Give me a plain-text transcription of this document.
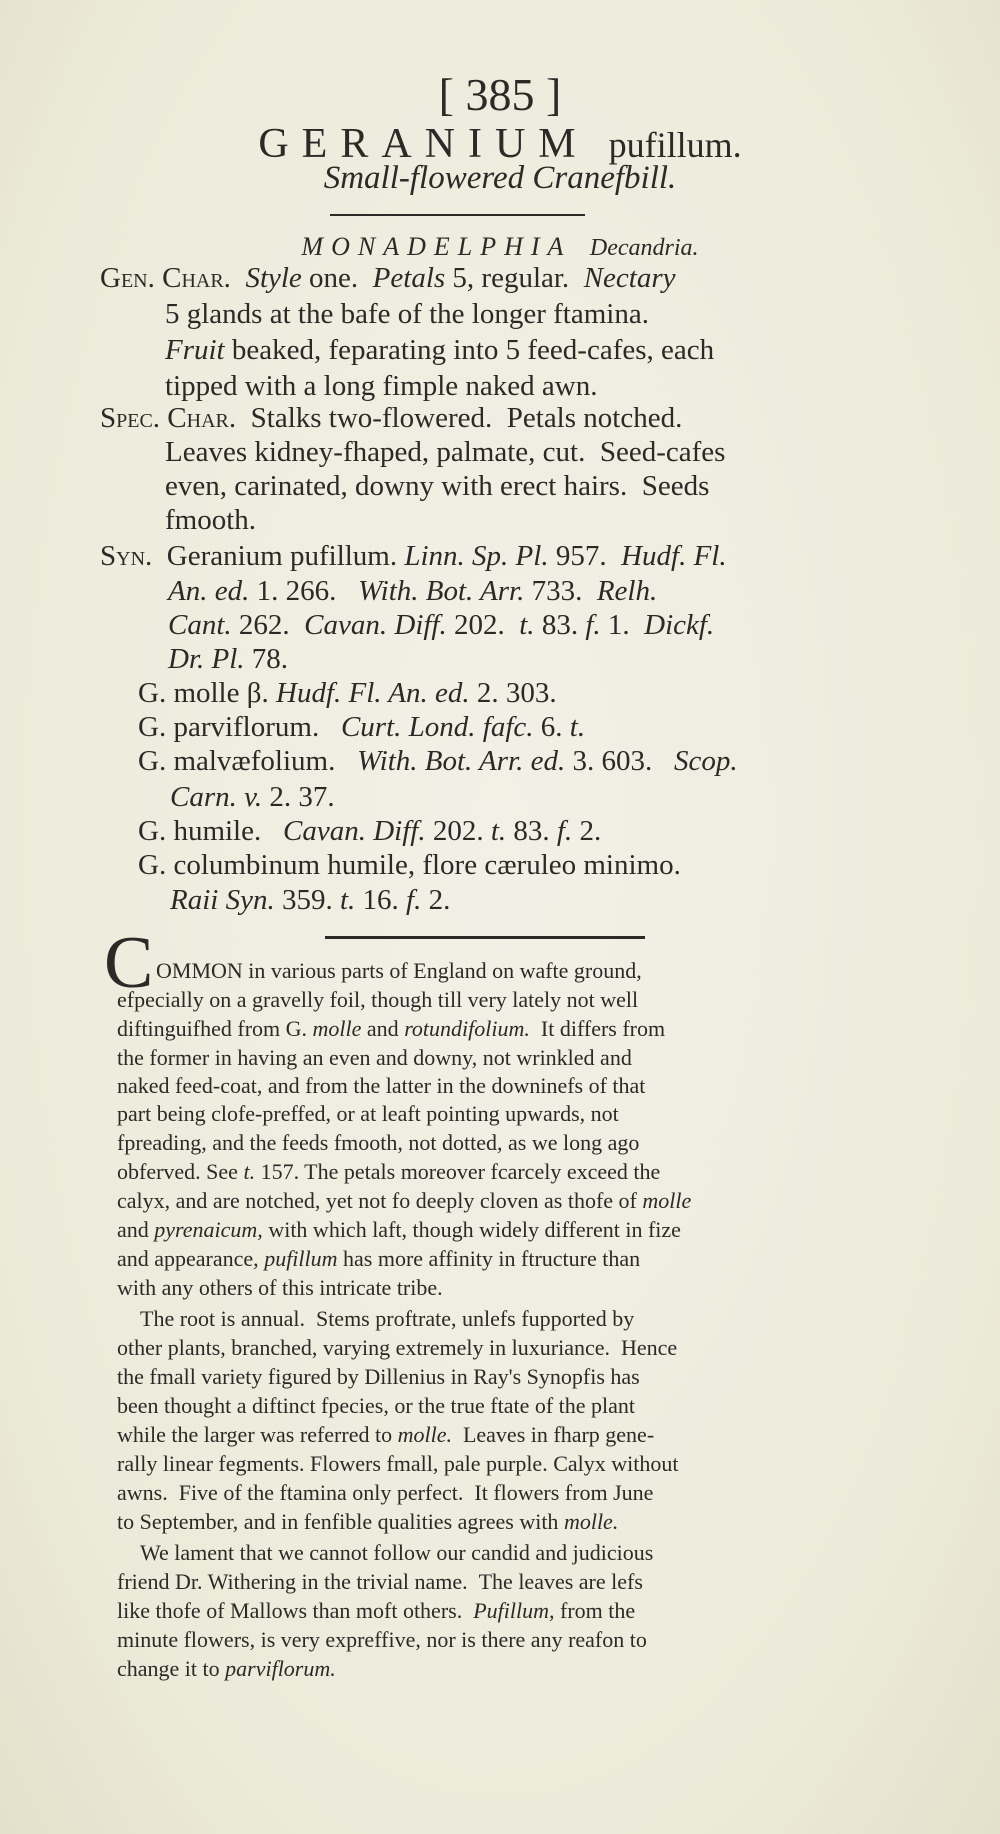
[ 385 ]
GERANIUM pufillum.
Small-flowered Cranefbill.
MONADELPHIA Decandria.
Gen. Char. Style one.  Petals 5, regular.  Nectary
5 glands at the bafe of the longer ftamina.
Fruit beaked, feparating into 5 feed-cafes, each
tipped with a long fimple naked awn.
Spec. Char.  Stalks two-flowered.  Petals notched.
Leaves kidney-fhaped, palmate, cut.  Seed-cafes
even, carinated, downy with erect hairs.  Seeds
fmooth.
Syn.  Geranium pufillum. Linn. Sp. Pl. 957.  Hudf. Fl.
An. ed. 1. 266.   With. Bot. Arr. 733.  Relh.
Cant. 262.  Cavan. Diff. 202.  t. 83. f. 1.  Dickf.
Dr. Pl. 78.
G. molle β. Hudf. Fl. An. ed. 2. 303.
G. parviflorum.   Curt. Lond. fafc. 6. t.
G. malvæfolium.   With. Bot. Arr. ed. 3. 603.   Scop.
Carn. v. 2. 37.
G. humile.   Cavan. Diff. 202. t. 83. f. 2.
G. columbinum humile, flore cæruleo minimo.
Raii Syn. 359. t. 16. f. 2.
C OMMON in various parts of England on wafte ground,
efpecially on a gravelly foil, though till very lately not well
diftinguifhed from G. molle and rotundifolium.  It differs from
the former in having an even and downy, not wrinkled and
naked feed-coat, and from the latter in the downinefs of that
part being clofe-preffed, or at leaft pointing upwards, not
fpreading, and the feeds fmooth, not dotted, as we long ago
obferved. See t. 157. The petals moreover fcarcely exceed the
calyx, and are notched, yet not fo deeply cloven as thofe of molle
and pyrenaicum, with which laft, though widely different in fize
and appearance, pufillum has more affinity in ftructure than
with any others of this intricate tribe.
The root is annual.  Stems proftrate, unlefs fupported by
other plants, branched, varying extremely in luxuriance.  Hence
the fmall variety figured by Dillenius in Ray's Synopfis has
been thought a diftinct fpecies, or the true ftate of the plant
while the larger was referred to molle.  Leaves in fharp gene-
rally linear fegments. Flowers fmall, pale purple. Calyx without
awns.  Five of the ftamina only perfect.  It flowers from June
to September, and in fenfible qualities agrees with molle.
We lament that we cannot follow our candid and judicious
friend Dr. Withering in the trivial name.  The leaves are lefs
like thofe of Mallows than moft others.  Pufillum, from the
minute flowers, is very expreffive, nor is there any reafon to
change it to parviflorum.
